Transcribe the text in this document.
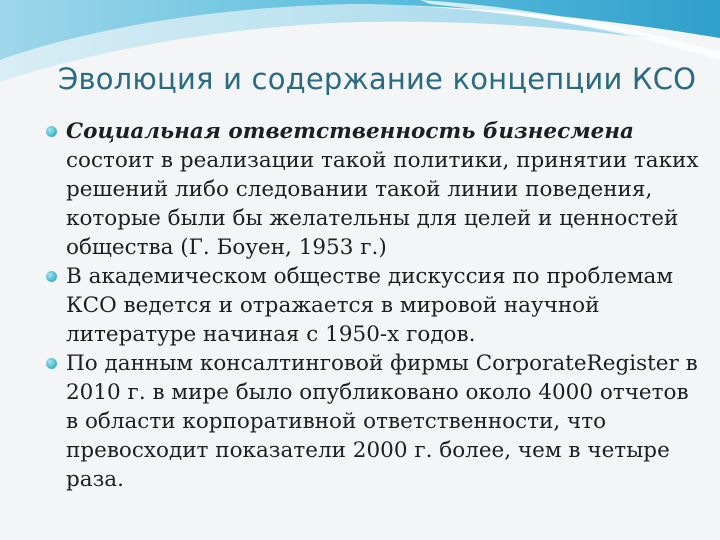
Эволюция и содержание концепции КСО
Социальная ответственность бизнесмена состоит в реализации такой политики, принятии таких решений либо следовании такой линии поведения, которые были бы желательны для целей и ценностей общества (Г. Боуен, 1953 г.)
В академическом обществе дискуссия по проблемам КСО ведется и отражается в мировой научной литературе начиная с 1950-х годов.
По данным консалтинговой фирмы CorporateRegister в 2010 г. в мире было опубликовано около 4000 отчетов в области корпоративной ответственности, что превосходит показатели 2000 г. более, чем в четыре раза.
